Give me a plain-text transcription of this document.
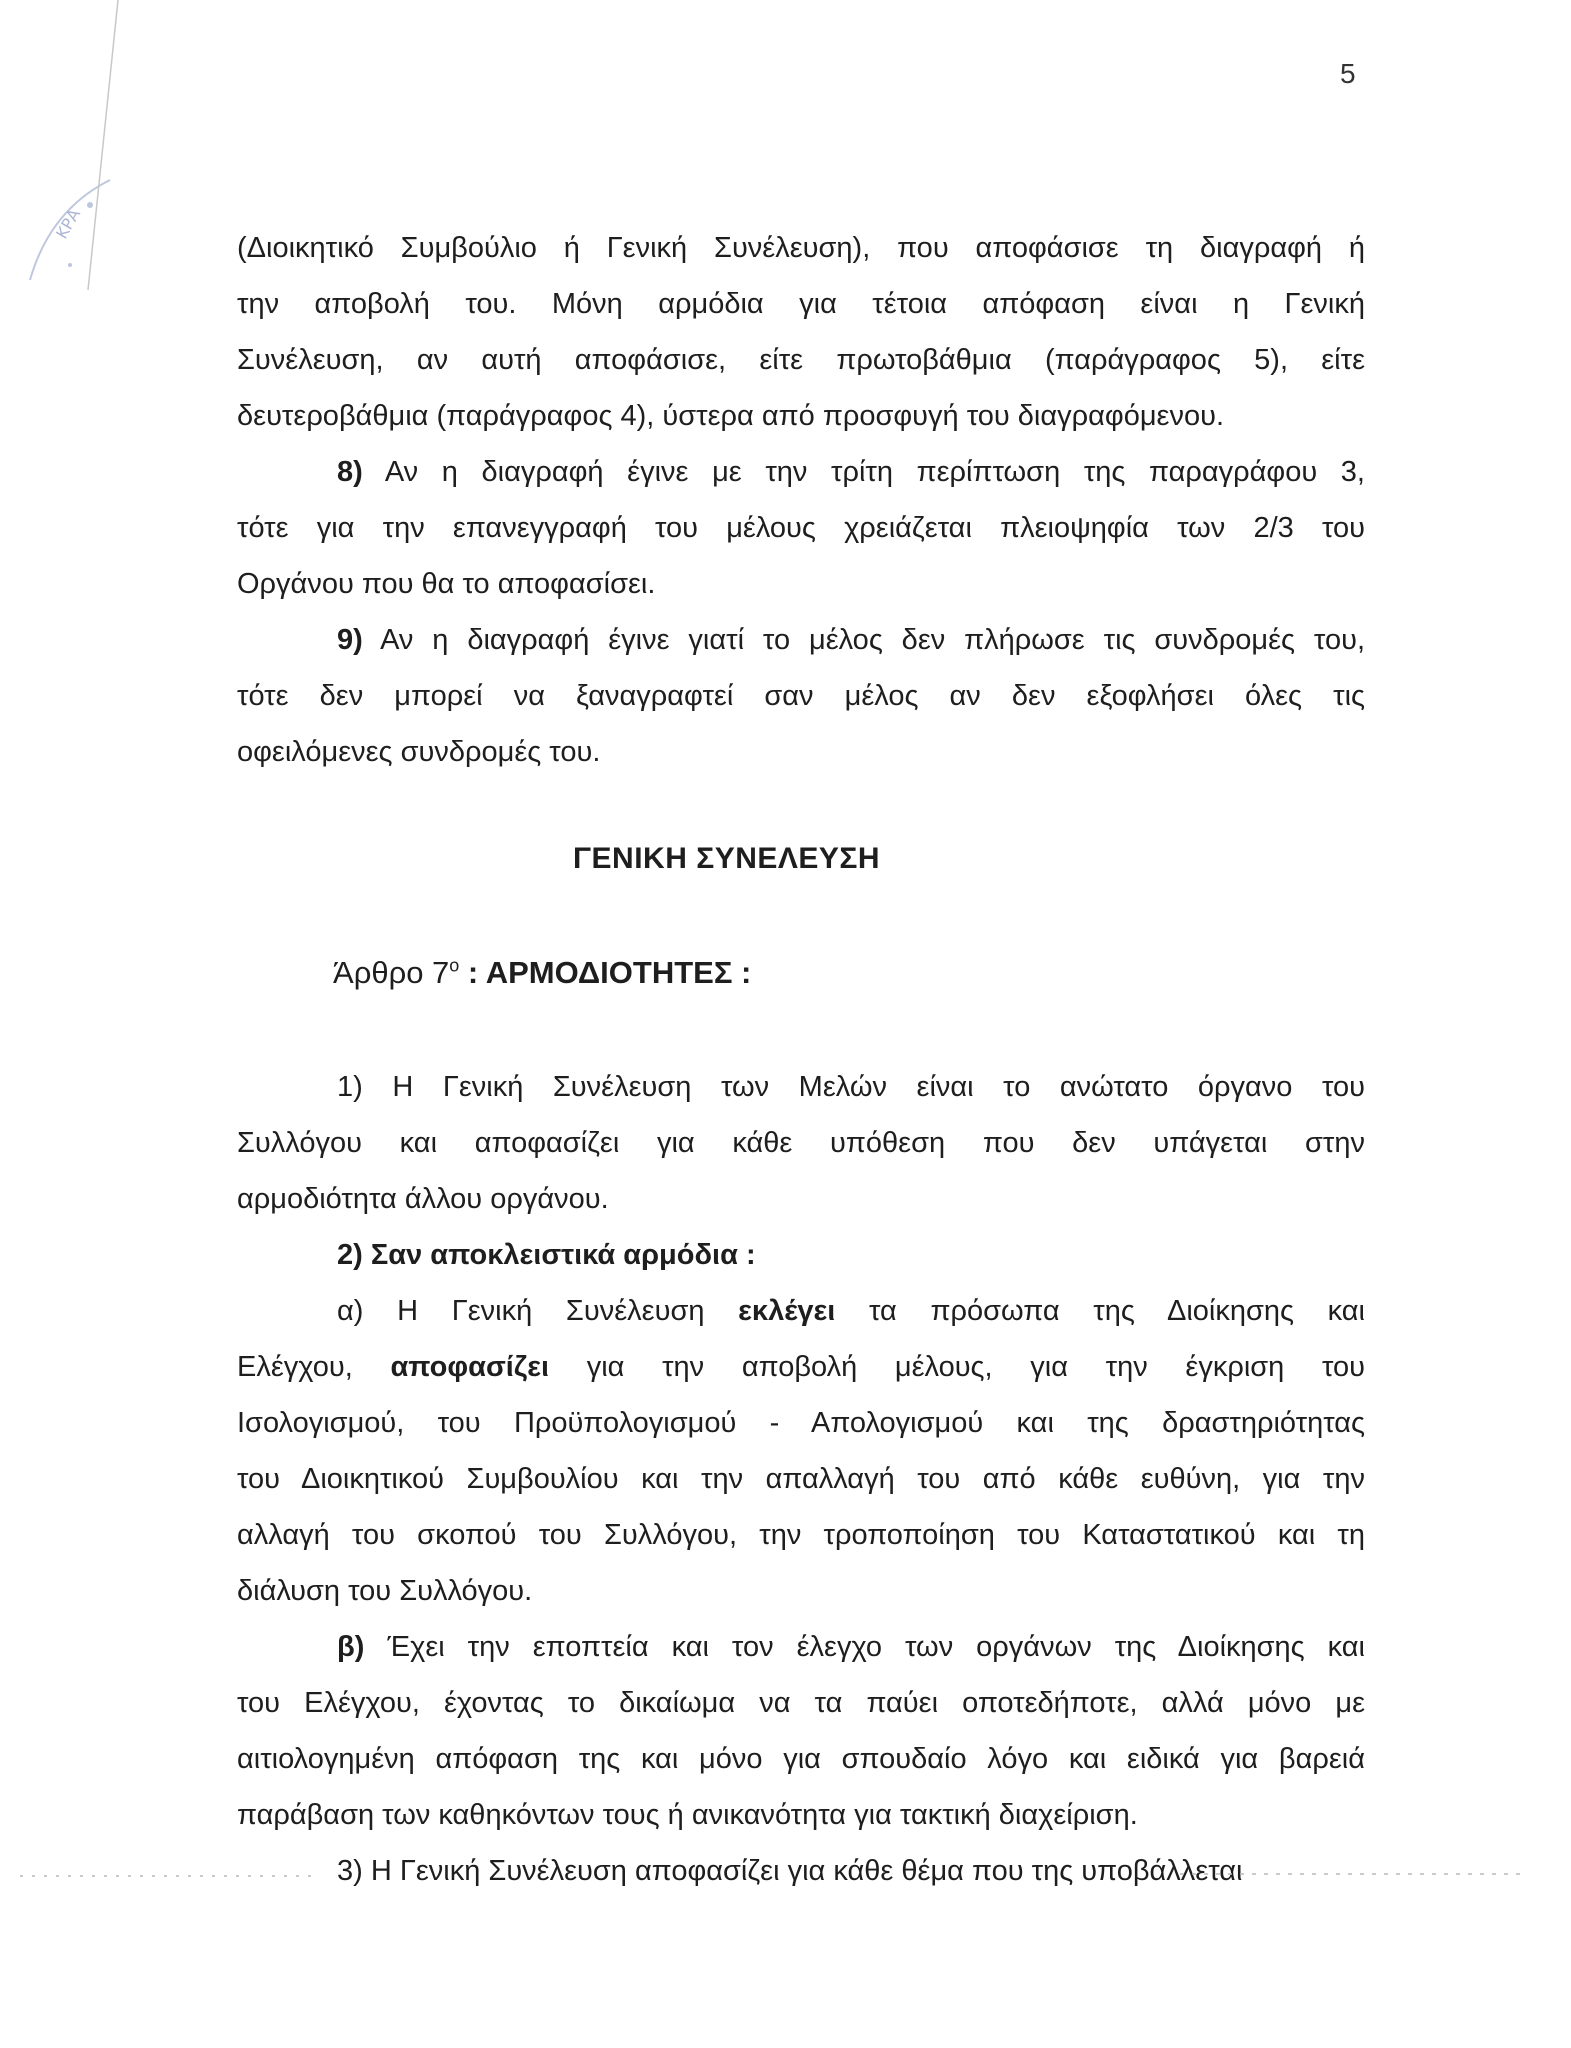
ΚΡΑ
5
(Διοικητικό Συμβούλιο ή Γενική Συνέλευση), που αποφάσισε τη διαγραφή ή
την αποβολή του. Μόνη αρμόδια για τέτοια απόφαση είναι η Γενική
Συνέλευση, αν αυτή αποφάσισε, είτε πρωτοβάθμια (παράγραφος 5), είτε
δευτεροβάθμια (παράγραφος 4), ύστερα από προσφυγή του διαγραφόμενου.
8) Αν η διαγραφή έγινε με την τρίτη περίπτωση της παραγράφου 3,
τότε για την επανεγγραφή του μέλους χρειάζεται πλειοψηφία των 2/3 του
Οργάνου που θα το αποφασίσει.
9) Αν η διαγραφή έγινε γιατί το μέλος δεν πλήρωσε τις συνδρομές του,
τότε δεν μπορεί να ξαναγραφτεί σαν μέλος αν δεν εξοφλήσει όλες τις
οφειλόμενες συνδρομές του.
ΓΕΝΙΚΗ ΣΥΝΕΛΕΥΣΗ
Άρθρο $7^o$ : ΑΡΜΟΔΙΟΤΗΤΕΣ :
1) Η Γενική Συνέλευση των Μελών είναι το ανώτατο όργανο του
Συλλόγου και αποφασίζει για κάθε υπόθεση που δεν υπάγεται στην
αρμοδιότητα άλλου οργάνου.
2) Σαν αποκλειστικά αρμόδια :
α) Η Γενική Συνέλευση εκλέγει τα πρόσωπα της Διοίκησης και
Ελέγχου, αποφασίζει για την αποβολή μέλους, για την έγκριση του
Ισολογισμού, του Προϋπολογισμού - Απολογισμού και της δραστηριότητας
του Διοικητικού Συμβουλίου και την απαλλαγή του από κάθε ευθύνη, για την
αλλαγή του σκοπού του Συλλόγου, την τροποποίηση του Καταστατικού και τη
διάλυση του Συλλόγου.
β) Έχει την εποπτεία και τον έλεγχο των οργάνων της Διοίκησης και
του Ελέγχου, έχοντας το δικαίωμα να τα παύει οποτεδήποτε, αλλά μόνο με
αιτιολογημένη απόφαση της και μόνο για σπουδαίο λόγο και ειδικά για βαρειά
παράβαση των καθηκόντων τους ή ανικανότητα για τακτική διαχείριση.
3) Η Γενική Συνέλευση αποφασίζει για κάθε θέμα που της υποβάλλεται
